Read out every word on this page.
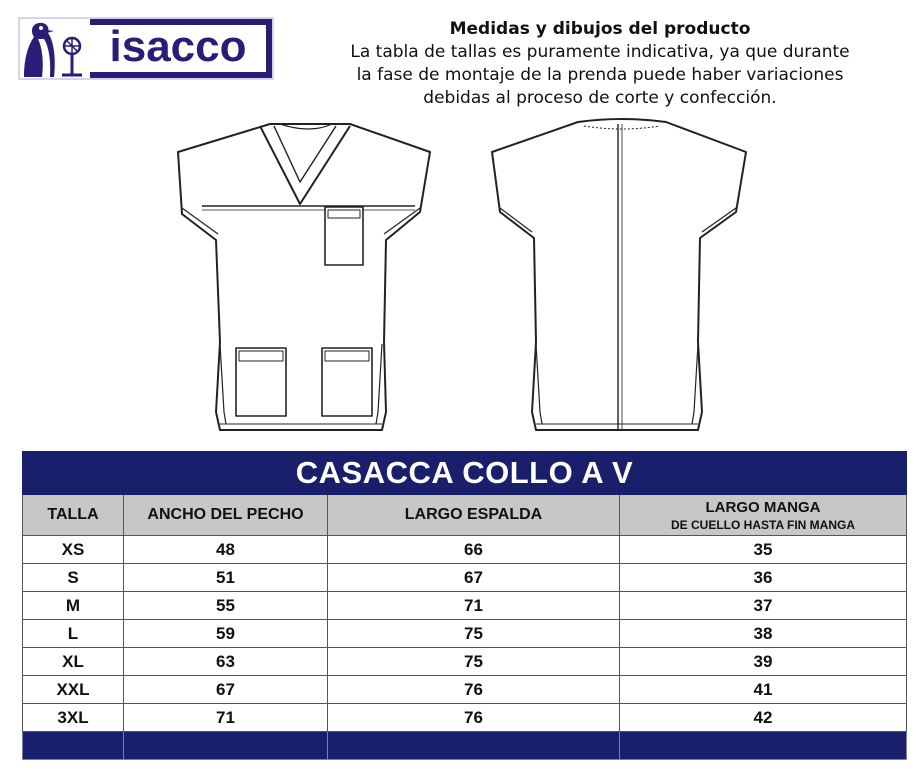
isacco	Medidas y dibujos del producto
La tabla de tallas es puramente indicativa, ya que durante
la fase de montaje de la prenda puede haber variaciones
debidas al proceso de corte y confección.
CASACCA COLLO A V			
TALLA	ANCHO DEL PECHO	LARGO ESPALDA	LARGO MANGA
DE CUELLO HASTA FIN MANGA

XS	48	66	35
S	51	67	36
M	55	71	37
L	59	75	38
XL	63	75	39
XXL	67	76	41
3XL	71	76	42
